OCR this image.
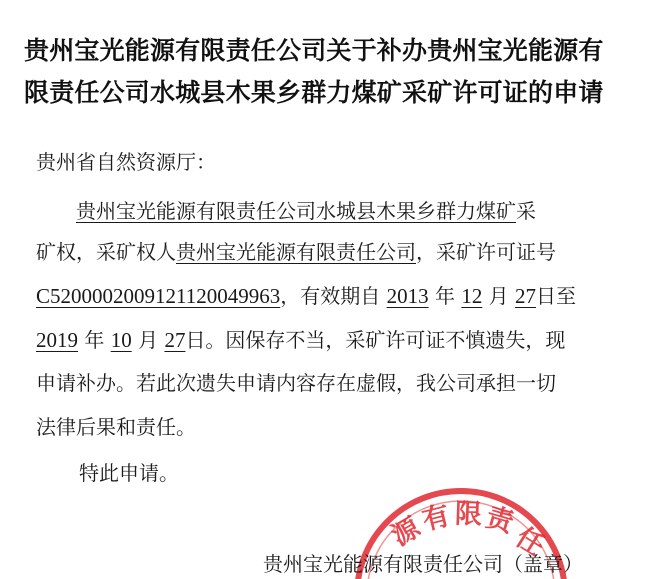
贵州宝光能源有限责任公司关于补办贵州宝光能源有
限责任公司水城县木果乡群力煤矿采矿许可证的申请
贵州省自然资源厅：
贵州宝光能源有限责任公司水城县木果乡群力煤矿采
矿权，采矿权人贵州宝光能源有限责任公司，采矿许可证号
C5200002009121120049963，有效期自 2013 年 12 月 27日至
2019 年 10 月 27日。因保存不当，采矿许可证不慎遗失，现
申请补办。若此次遗失申请内容存在虚假，我公司承担一切
法律后果和责任。
特此申请。
源
有 限 责
任
贵州宝光能源有限责任公司（盖章）
